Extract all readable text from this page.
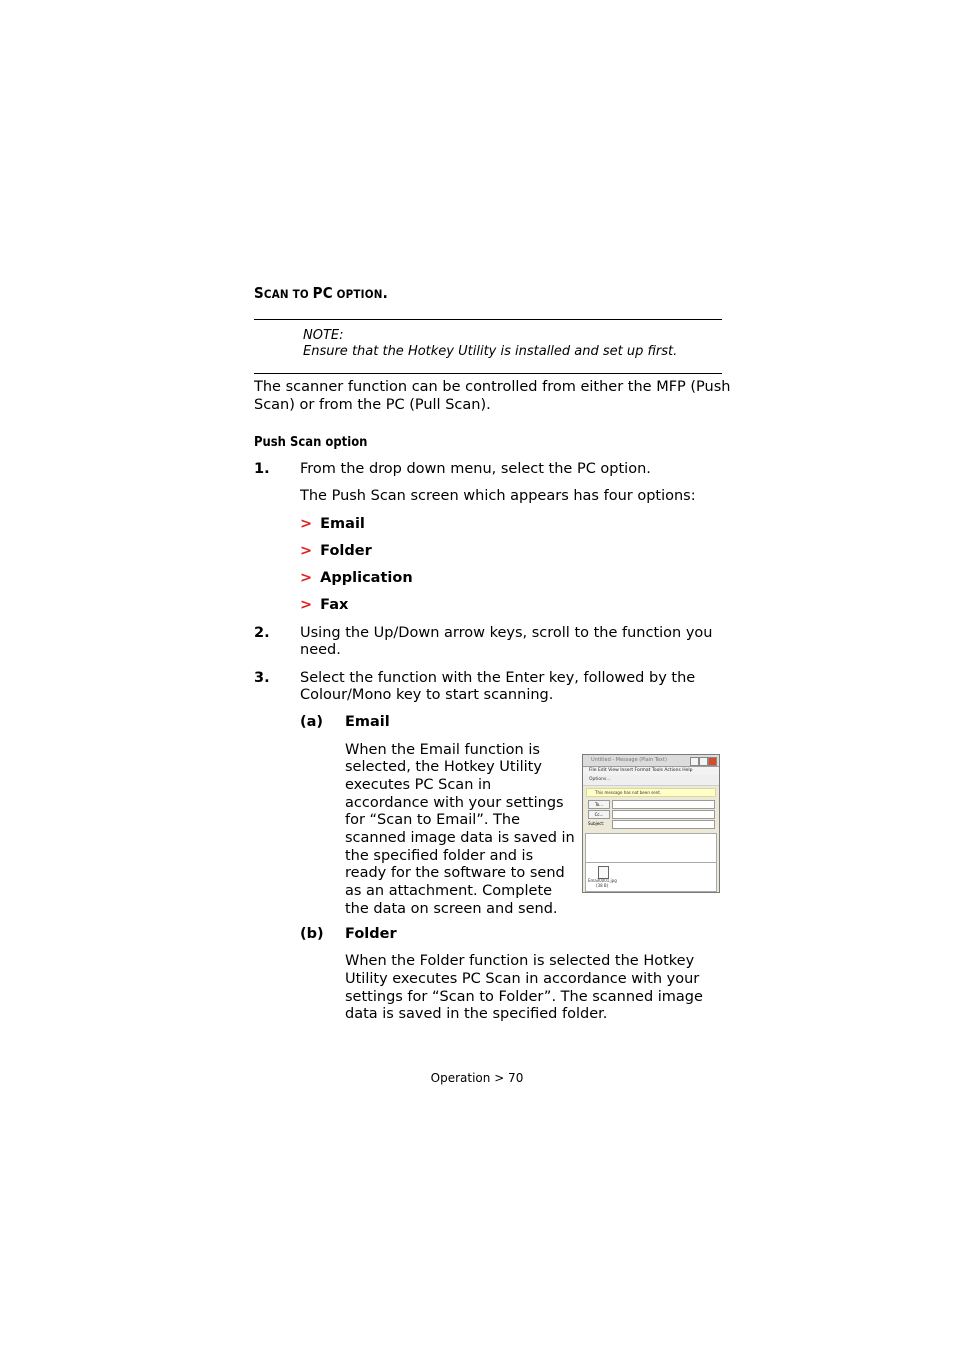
SCAN TO PC OPTION.
NOTE:
Ensure that the Hotkey Utility is installed and set up first.
The scanner function can be controlled from either the MFP (Push
Scan) or from the PC (Pull Scan).
Push Scan option
1. From the drop down menu, select the PC option.
The Push Scan screen which appears has four options:
> Email
> Folder
> Application
> Fax
2. Using the Up/Down arrow keys, scroll to the function you
need.
3. Select the function with the Enter key, followed by the
Colour/Mono key to start scanning.
(a) Email
When the Email function is
selected, the Hotkey Utility
executes PC Scan in
accordance with your settings
for “Scan to Email”. The
scanned image data is saved in
the specified folder and is
ready for the software to send
as an attachment. Complete
the data on screen and send.
Untitled - Message (Plain Text)
File Edit View Insert Format Tools Actions Help
Options...
This message has not been sent.
To...
Cc...
Subject:
Email0001.jpg
(38 B)
(b) Folder
When the Folder function is selected the Hotkey
Utility executes PC Scan in accordance with your
settings for “Scan to Folder”. The scanned image
data is saved in the specified folder.
Operation > 70
